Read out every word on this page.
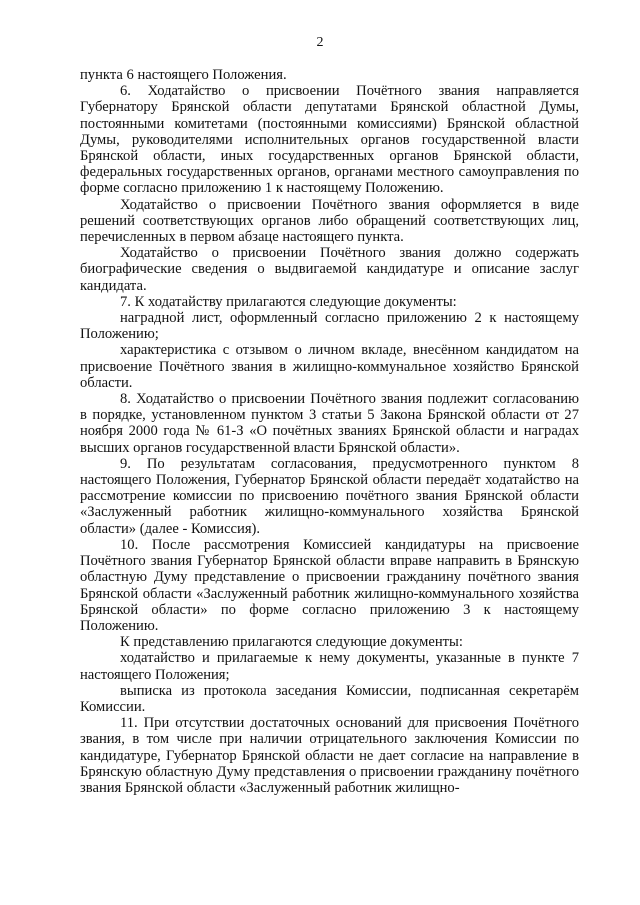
2

пункта 6 настоящего Положения.

6. Ходатайство о присвоении Почётного звания направляется Губернатору Брянской области депутатами Брянской областной Думы, постоянными комитетами (постоянными комиссиями) Брянской областной Думы, руководителями исполнительных органов государственной власти Брянской области, иных государственных органов Брянской области, федеральных государственных органов, органами местного самоуправления по форме согласно приложению 1 к настоящему Положению.

Ходатайство о присвоении Почётного звания оформляется в виде решений соответствующих органов либо обращений соответствующих лиц, перечисленных в первом абзаце настоящего пункта.

Ходатайство о присвоении Почётного звания должно содержать биографические сведения о выдвигаемой кандидатуре и описание заслуг кандидата.

7. К ходатайству прилагаются следующие документы:

наградной лист, оформленный согласно приложению 2 к настоящему Положению;

характеристика с отзывом о личном вкладе, внесённом кандидатом на присвоение Почётного звания в жилищно-коммунальное хозяйство Брянской области.

8. Ходатайство о присвоении Почётного звания подлежит согласованию в порядке, установленном пунктом 3 статьи 5 Закона Брянской области от 27 ноября 2000 года № 61-З «О почётных званиях Брянской области и наградах высших органов государственной власти Брянской области».

9. По результатам согласования, предусмотренного пунктом 8 настоящего Положения, Губернатор Брянской области передаёт ходатайство на рассмотрение комиссии по присвоению почётного звания Брянской области «Заслуженный работник жилищно-коммунального хозяйства Брянской области» (далее - Комиссия).

10. После рассмотрения Комиссией кандидатуры на присвоение Почётного звания Губернатор Брянской области вправе направить в Брянскую областную Думу представление о присвоении гражданину почётного звания Брянской области «Заслуженный работник жилищно-коммунального хозяйства Брянской области» по форме согласно приложению 3 к настоящему Положению.

К представлению прилагаются следующие документы:

ходатайство и прилагаемые к нему документы, указанные в пункте 7 настоящего Положения;

выписка из протокола заседания Комиссии, подписанная секретарём Комиссии.

11. При отсутствии достаточных оснований для присвоения Почётного звания, в том числе при наличии отрицательного заключения Комиссии по кандидатуре, Губернатор Брянской области не дает согласие на направление в Брянскую областную Думу представления о присвоении гражданину почётного звания Брянской области «Заслуженный работник жилищно-
